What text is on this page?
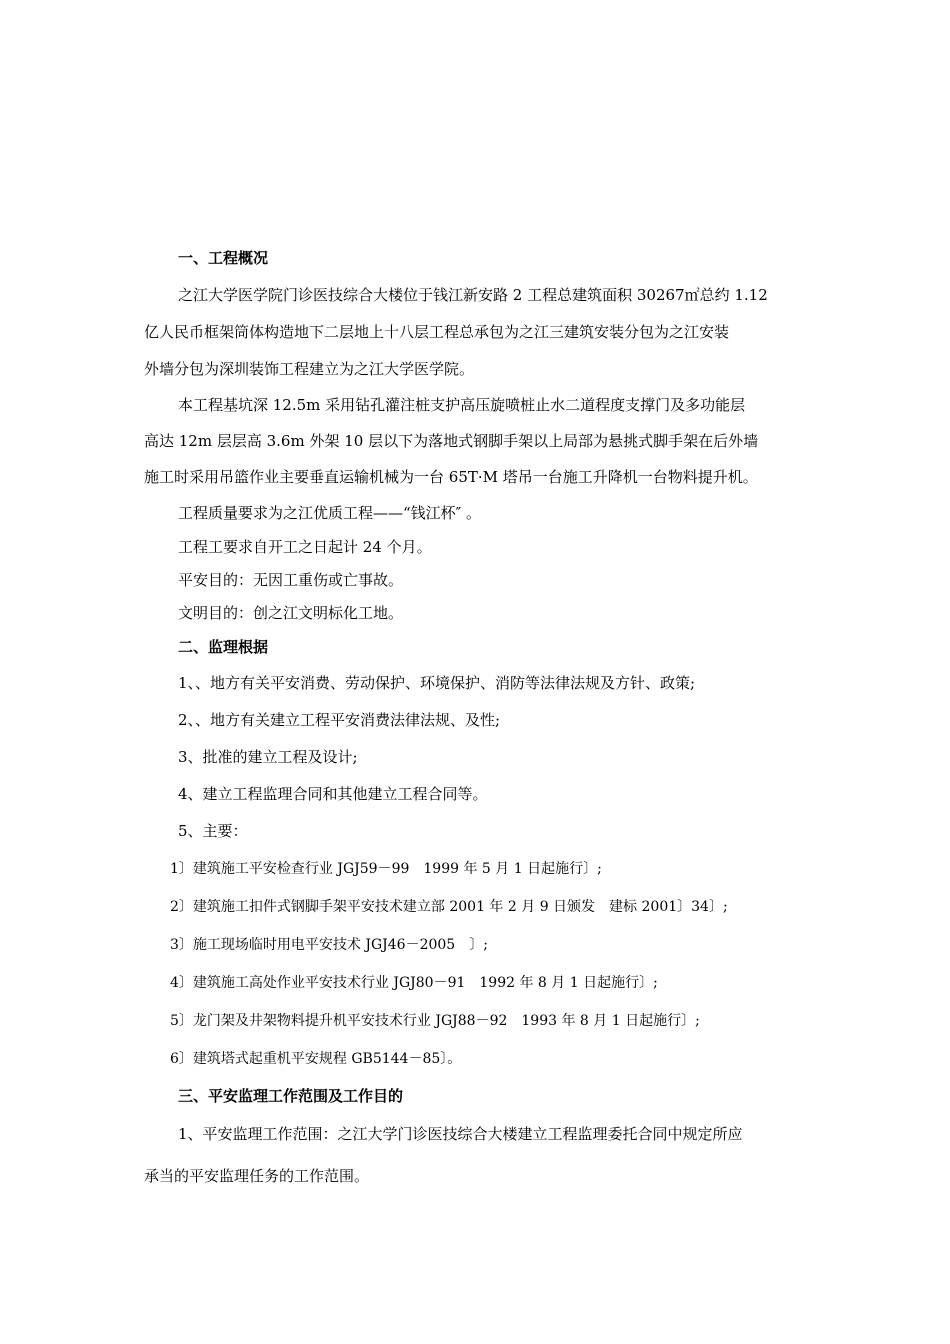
一、工程概况
之江大学医学院门诊医技综合大楼位于钱江新安路 2 工程总建筑面积 30267㎡总约 1.12
亿人民币框架筒体构造地下二层地上十八层工程总承包为之江三建筑安装分包为之江安装
外墙分包为深圳装饰工程建立为之江大学医学院。
本工程基坑深 12.5m 采用钻孔灌注桩支护高压旋喷桩止水二道程度支撑门及多功能层
高达 12m 层层高 3.6m 外架 10 层以下为落地式钢脚手架以上局部为悬挑式脚手架在后外墙
施工时采用吊篮作业主要垂直运输机械为一台 65T·M 塔吊一台施工升降机一台物料提升机。
工程质量要求为之江优质工程——“钱江杯″ 。
工程工要求自开工之日起计 24 个月。
平安目的：无因工重伤或亡事故。
文明目的：创之江文明标化工地。
二、监理根据
1、、地方有关平安消费、劳动保护、环境保护、消防等法律法规及方针、政策;
2、、地方有关建立工程平安消费法律法规、及性;
3、批准的建立工程及设计;
4、建立工程监理合同和其他建立工程合同等。
5、主要：
1〕建筑施工平安检查行业 JGJ59－99　1999 年 5 月 1 日起施行〕;
2〕建筑施工扣件式钢脚手架平安技术建立部 2001 年 2 月 9 日颁发　建标 2001〕34〕;
3〕施工现场临时用电平安技术 JGJ46－2005　〕;
4〕建筑施工高处作业平安技术行业 JGJ80－91　1992 年 8 月 1 日起施行〕;
5〕龙门架及井架物料提升机平安技术行业 JGJ88－92　1993 年 8 月 1 日起施行〕;
6〕建筑塔式起重机平安规程 GB5144－85〕。
三、平安监理工作范围及工作目的
1、平安监理工作范围：之江大学门诊医技综合大楼建立工程监理委托合同中规定所应
承当的平安监理任务的工作范围。
